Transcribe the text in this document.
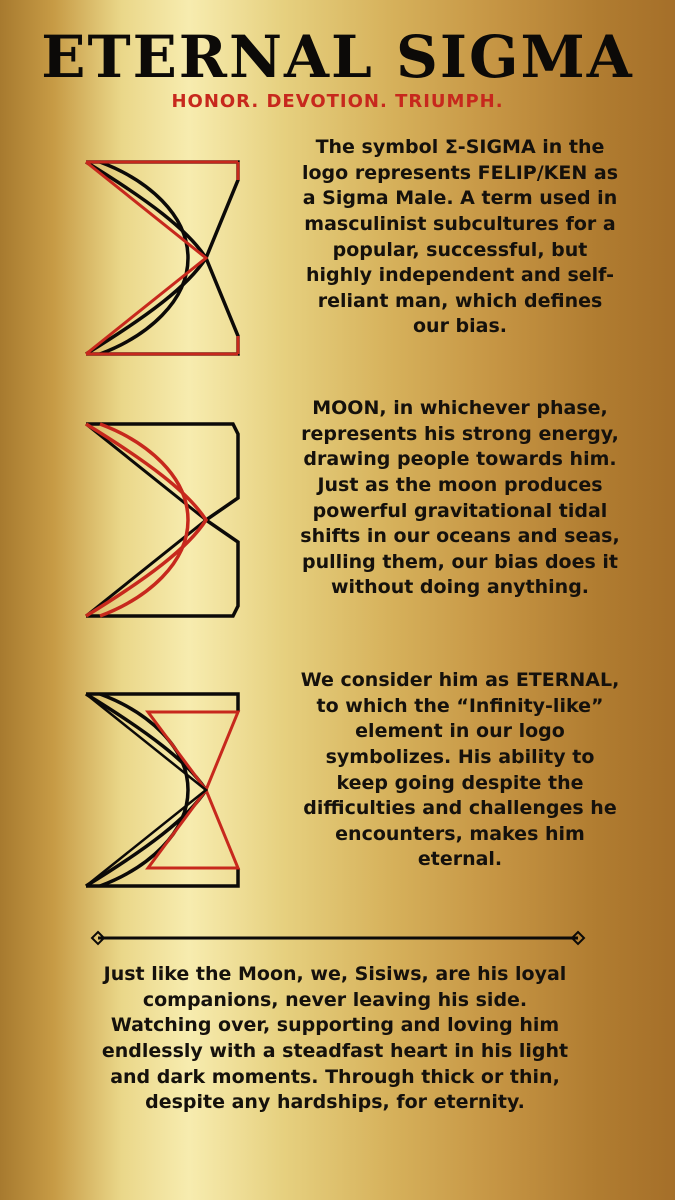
ETERNAL SIGMA
HONOR. DEVOTION. TRIUMPH.
The symbol Σ-SIGMA in the logo represents FELIP/KEN as a Sigma Male. A term used in masculinist subcultures for a popular, successful, but highly independent and self-reliant man, which defines our bias.
MOON, in whichever phase, represents his strong energy, drawing people towards him. Just as the moon produces powerful gravitational tidal shifts in our oceans and seas, pulling them, our bias does it without doing anything.
We consider him as ETERNAL, to which the “Infinity-like” element in our logo symbolizes. His ability to keep going despite the difficulties and challenges he encounters, makes him eternal.
Just like the Moon, we, Sisiws, are his loyal companions, never leaving his side. Watching over, supporting and loving him endlessly with a steadfast heart in his light and dark moments. Through thick or thin, despite any hardships, for eternity.
